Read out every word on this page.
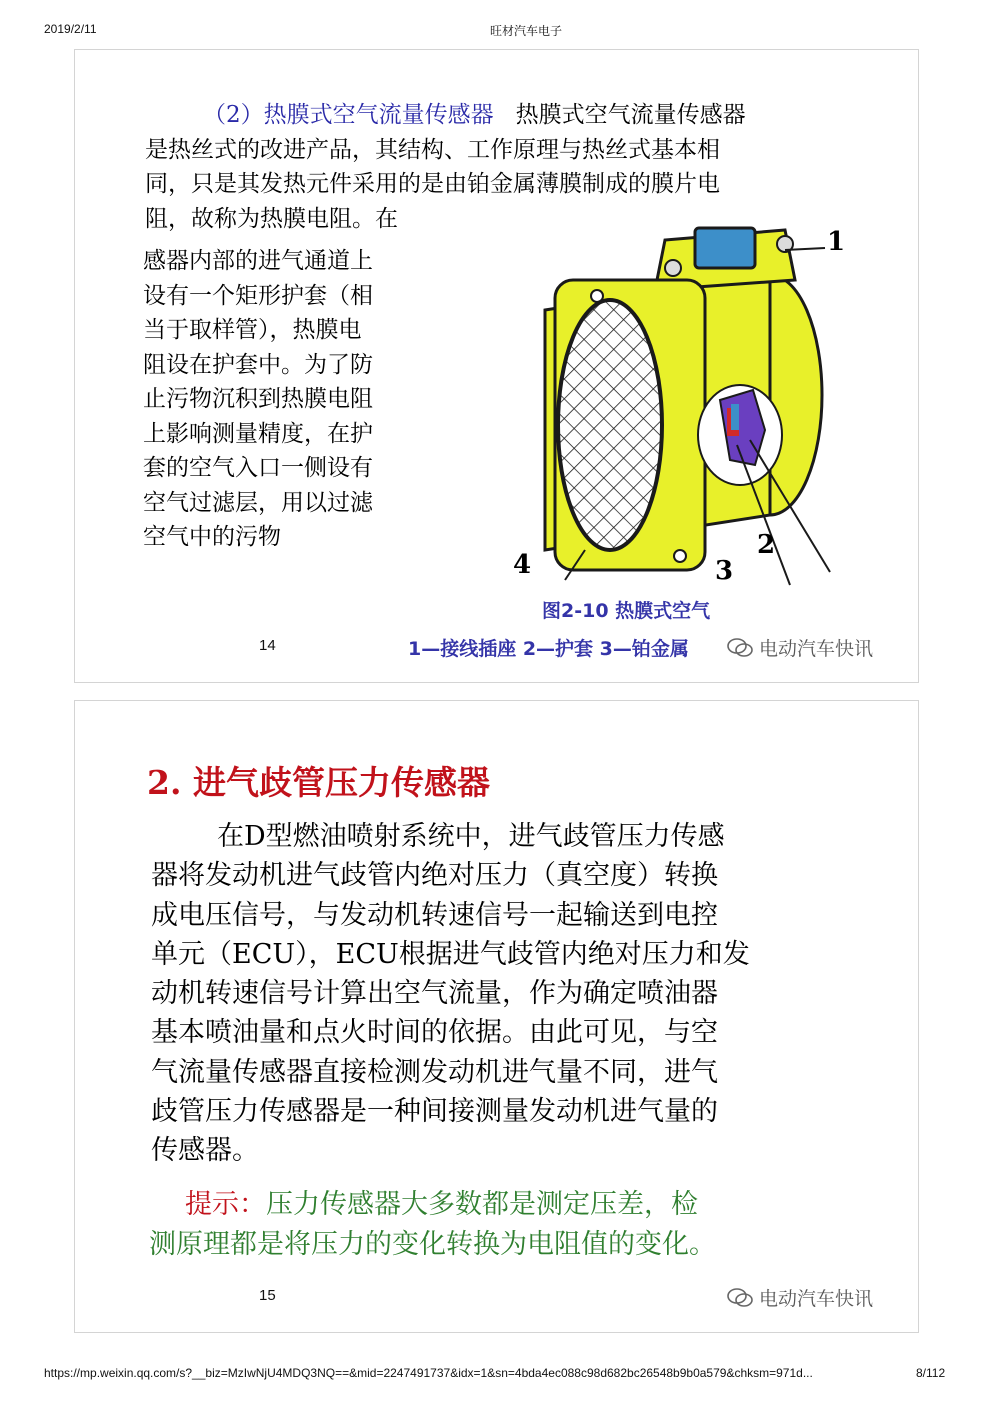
2019/2/11	旺材汽车电子
（2）热膜式空气流量传感器 热膜式空气流量传感器
是热丝式的改进产品，其结构、工作原理与热丝式基本相
同，只是其发热元件采用的是由铂金属薄膜制成的膜片电
阻，故称为热膜电阻。在
感器内部的进气通道上
设有一个矩形护套（相
当于取样管），热膜电
阻设在护套中。为了防
止污物沉积到热膜电阻
上影响测量精度，在护
套的空气入口一侧设有
空气过滤层，用以过滤
空气中的污物
1
2
3
4
图2-10 热膜式空气
14	1—接线插座 2—护套 3—铂金属	电动汽车快讯
2. 进气歧管压力传感器
在D型燃油喷射系统中，进气歧管压力传感
器将发动机进气歧管内绝对压力（真空度）转换
成电压信号，与发动机转速信号一起输送到电控
单元（ECU），ECU根据进气歧管内绝对压力和发
动机转速信号计算出空气流量，作为确定喷油器
基本喷油量和点火时间的依据。由此可见，与空
气流量传感器直接检测发动机进气量不同，进气
歧管压力传感器是一种间接测量发动机进气量的
传感器。
提示：压力传感器大多数都是测定压差，检
测原理都是将压力的变化转换为电阻值的变化。
15	电动汽车快讯
https://mp.weixin.qq.com/s?__biz=MzIwNjU4MDQ3NQ==&mid=2247491737&idx=1&sn=4bda4ec088c98d682bc26548b9b0a579&chksm=971d...	8/112
